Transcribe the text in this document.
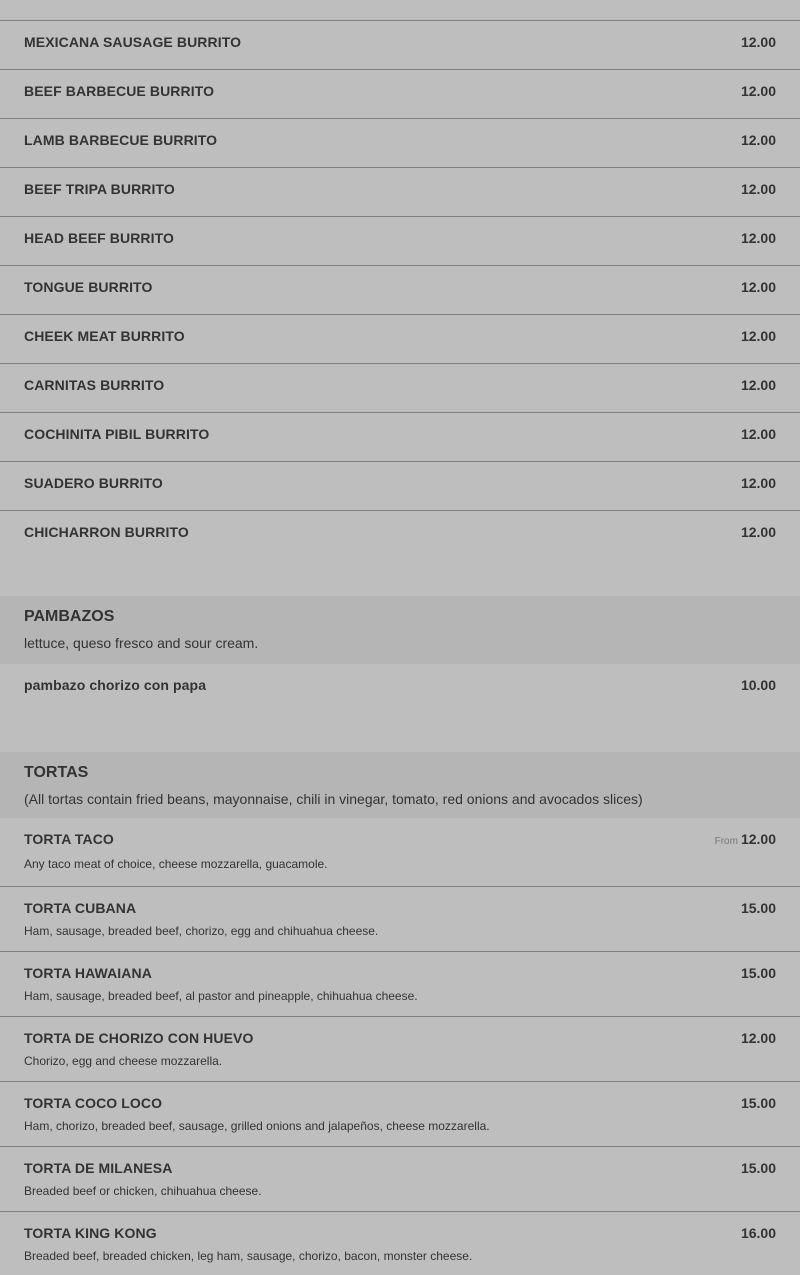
MEXICANA SAUSAGE BURRITO	12.00
BEEF BARBECUE BURRITO	12.00
LAMB BARBECUE BURRITO	12.00
BEEF TRIPA BURRITO	12.00
HEAD BEEF BURRITO	12.00
TONGUE BURRITO	12.00
CHEEK MEAT BURRITO	12.00
CARNITAS BURRITO	12.00
COCHINITA PIBIL BURRITO	12.00
SUADERO BURRITO	12.00
CHICHARRON BURRITO	12.00
PAMBAZOS
lettuce, queso fresco and sour cream.
pambazo chorizo con papa	10.00
TORTAS
(All tortas contain fried beans, mayonnaise, chili in vinegar, tomato, red onions and avocados slices)
TORTA TACO	From 12.00
Any taco meat of choice, cheese mozzarella, guacamole.
TORTA CUBANA	15.00
Ham, sausage, breaded beef, chorizo, egg and chihuahua cheese.
TORTA HAWAIANA	15.00
Ham, sausage, breaded beef, al pastor and pineapple, chihuahua cheese.
TORTA DE CHORIZO CON HUEVO	12.00
Chorizo, egg and cheese mozzarella.
TORTA COCO LOCO	15.00
Ham, chorizo, breaded beef, sausage, grilled onions and jalapeños, cheese mozzarella.
TORTA DE MILANESA	15.00
Breaded beef or chicken, chihuahua cheese.
TORTA KING KONG	16.00
Breaded beef, breaded chicken, leg ham, sausage, chorizo, bacon, monster cheese.
